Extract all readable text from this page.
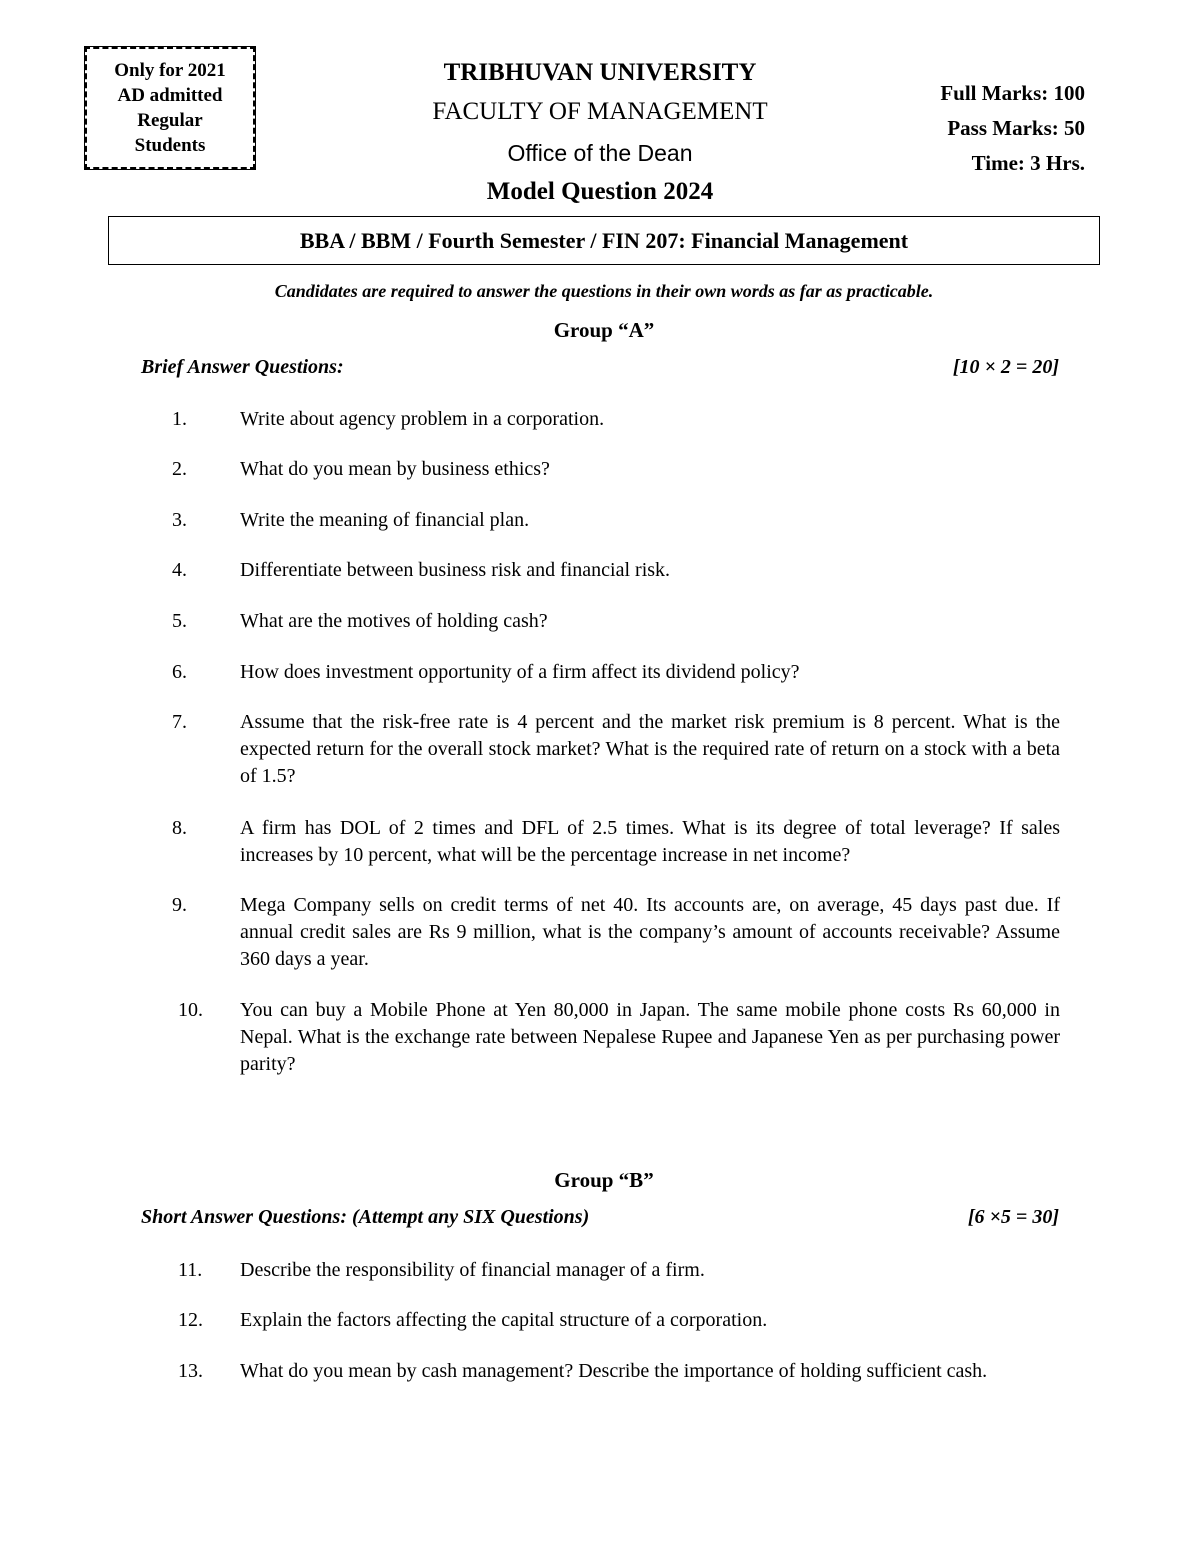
Only for 2021
AD admitted
Regular
Students
TRIBHUVAN UNIVERSITY
FACULTY OF MANAGEMENT
Office of the Dean
Model Question 2024
Full Marks: 100
Pass Marks: 50
Time: 3 Hrs.
BBA / BBM / Fourth Semester / FIN 207: Financial Management
Candidates are required to answer the questions in their own words as far as practicable.
Group “A”
Brief Answer Questions:	[10 × 2 = 20]
1.	Write about agency problem in a corporation.
2.	What do you mean by business ethics?
3.	Write the meaning of financial plan.
4.	Differentiate between business risk and financial risk.
5.	What are the motives of holding cash?
6.	How does investment opportunity of a firm affect its dividend policy?
7.	Assume that the risk-free rate is 4 percent and the market risk premium is 8 percent. What is the expected return for the overall stock market? What is the required rate of return on a stock with a beta of 1.5?
8.	A firm has DOL of 2 times and DFL of 2.5 times. What is its degree of total leverage? If sales increases by 10 percent, what will be the percentage increase in net income?
9.	Mega Company sells on credit terms of net 40. Its accounts are, on average, 45 days past due. If annual credit sales are Rs 9 million, what is the company’s amount of accounts receivable? Assume 360 days a year.
10.	You can buy a Mobile Phone at Yen 80,000 in Japan. The same mobile phone costs Rs 60,000 in Nepal. What is the exchange rate between Nepalese Rupee and Japanese Yen as per purchasing power parity?
Group “B”
Short Answer Questions: (Attempt any SIX Questions)	[6 ×5 = 30]
11.	Describe the responsibility of financial manager of a firm.
12.	Explain the factors affecting the capital structure of a corporation.
13.	What do you mean by cash management? Describe the importance of holding sufficient cash.
